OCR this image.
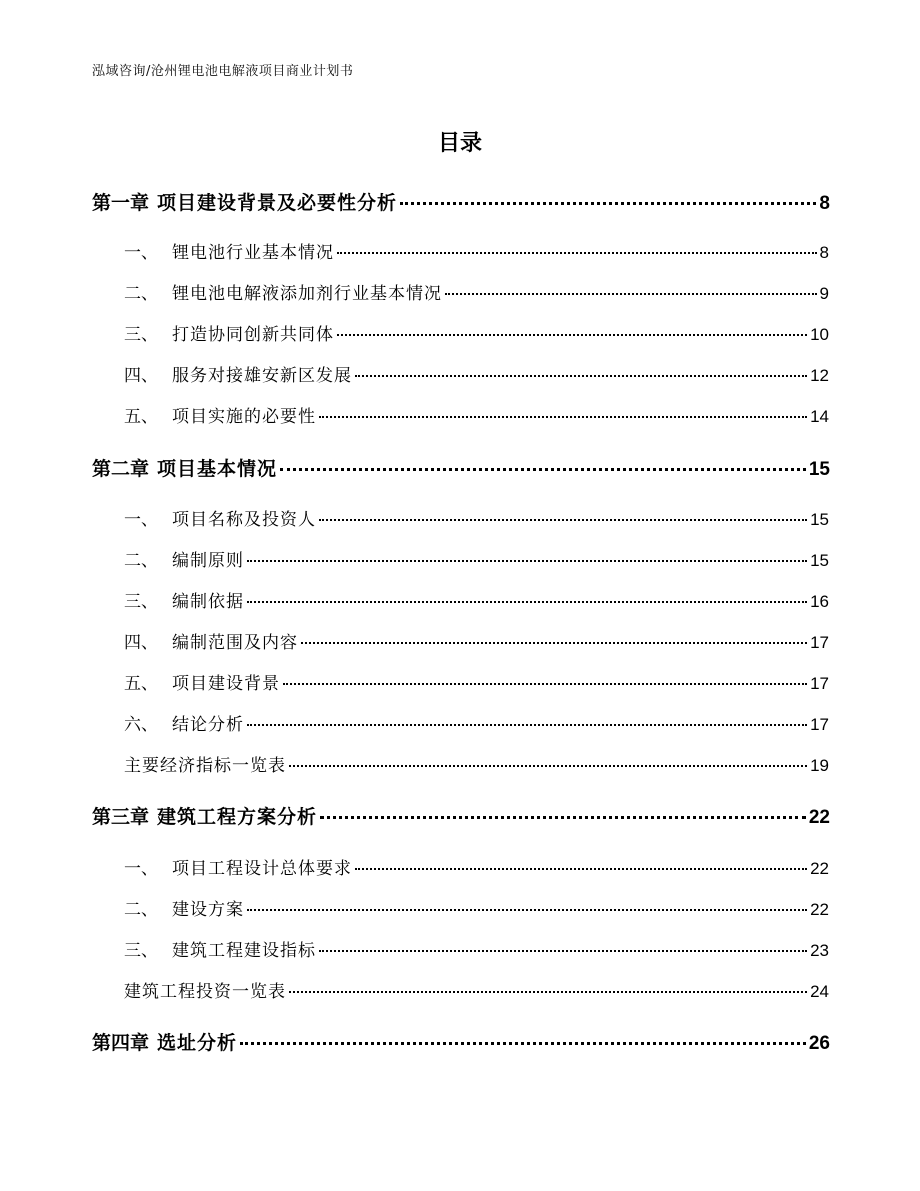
泓域咨询/沧州锂电池电解液项目商业计划书
目录
第一章 项目建设背景及必要性分析	8
一、 锂电池行业基本情况	8
二、 锂电池电解液添加剂行业基本情况	9
三、 打造协同创新共同体	10
四、 服务对接雄安新区发展	12
五、 项目实施的必要性	14
第二章 项目基本情况	15
一、 项目名称及投资人	15
二、 编制原则	15
三、 编制依据	16
四、 编制范围及内容	17
五、 项目建设背景	17
六、 结论分析	17
主要经济指标一览表	19
第三章 建筑工程方案分析	22
一、 项目工程设计总体要求	22
二、 建设方案	22
三、 建筑工程建设指标	23
建筑工程投资一览表	24
第四章 选址分析	26
